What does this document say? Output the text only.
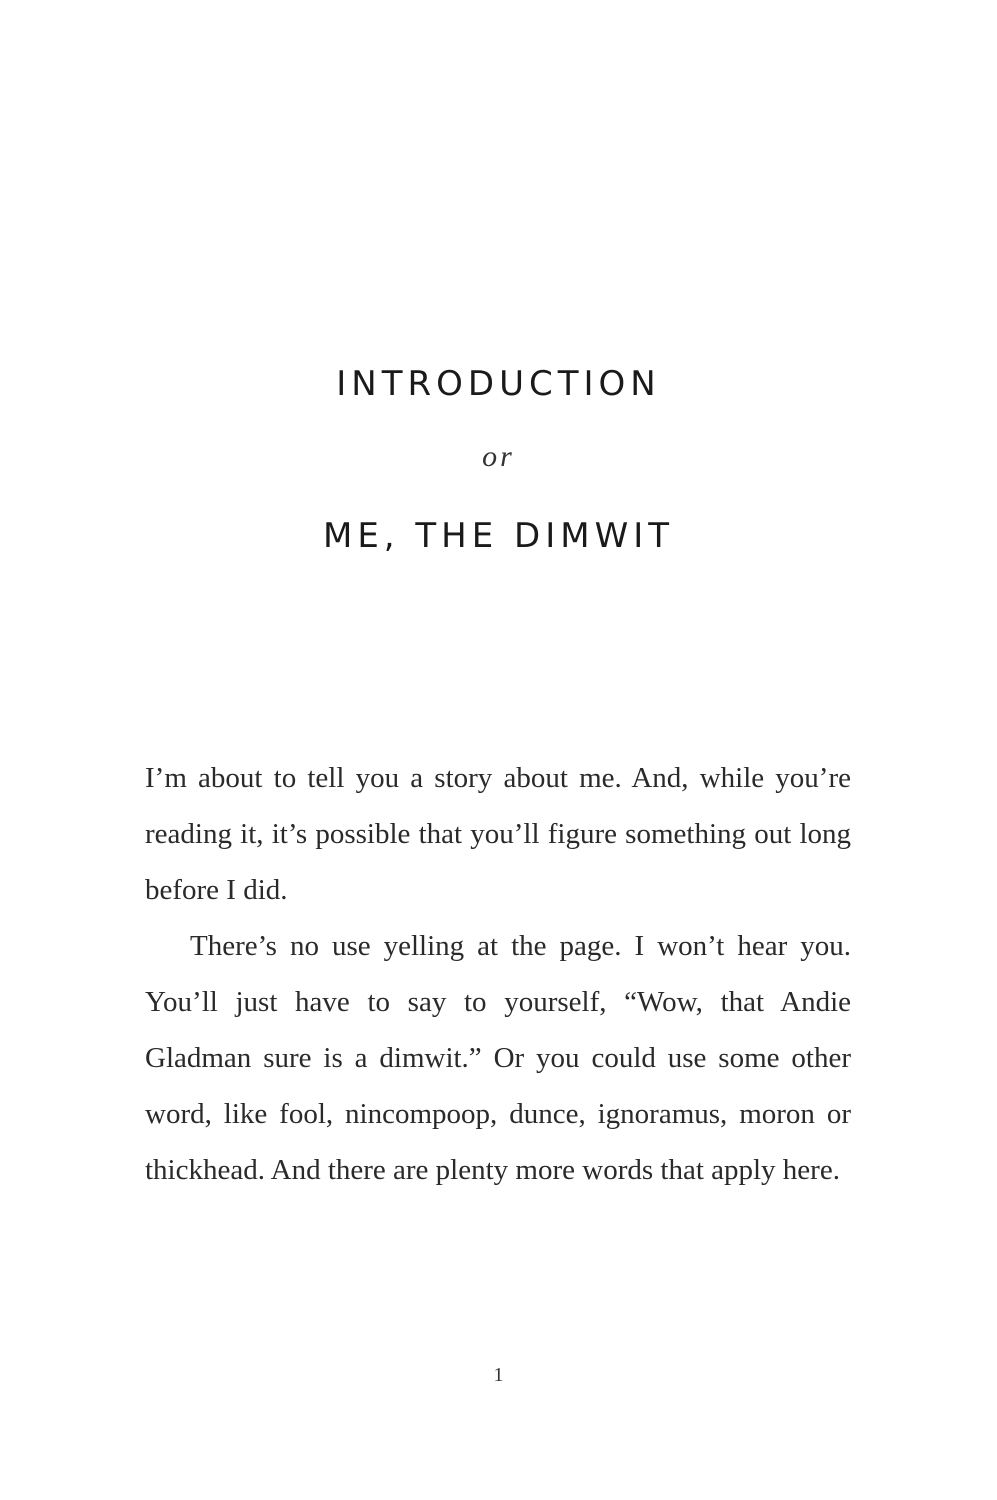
INTRODUCTION
or
ME, THE DIMWIT

I’m about to tell you a story about me. And, while you’re reading it, it’s possible that you’ll figure something out long before I did.

There’s no use yelling at the page. I won’t hear you. You’ll just have to say to yourself, “Wow, that Andie Gladman sure is a dimwit.” Or you could use some other word, like fool, nincompoop, dunce, ignoramus, moron or thickhead. And there are plenty more words that apply here.

1
